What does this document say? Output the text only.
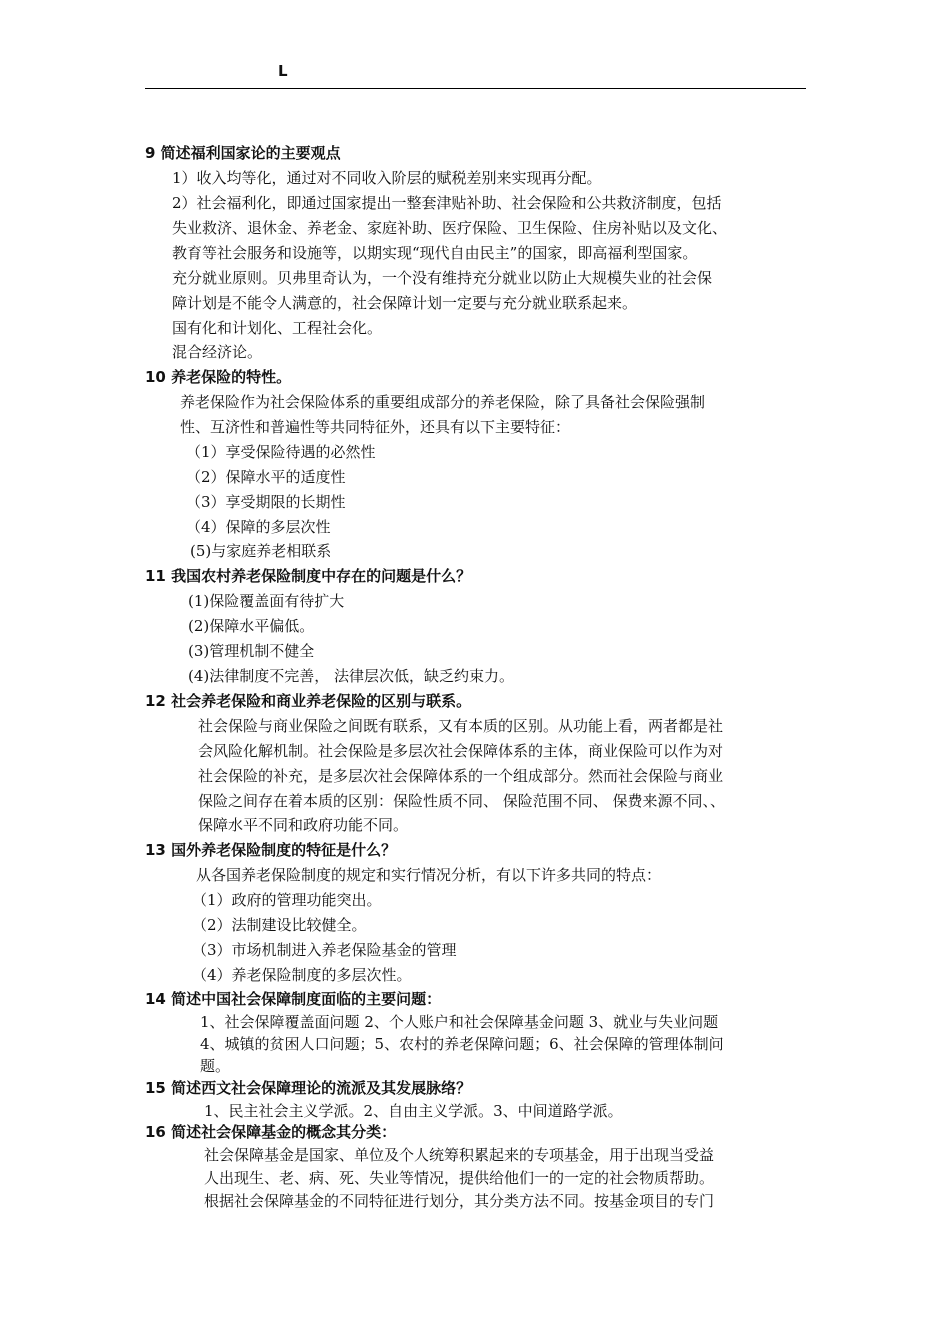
L
9 简述福利国家论的主要观点
1）收入均等化，通过对不同收入阶层的赋税差别来实现再分配。
2）社会福利化，即通过国家提出一整套津贴补助、社会保险和公共救济制度，包括
失业救济、退休金、养老金、家庭补助、医疗保险、卫生保险、住房补贴以及文化、
教育等社会服务和设施等，以期实现“现代自由民主”的国家，即高福利型国家。
充分就业原则。贝弗里奇认为，一个没有维持充分就业以防止大规模失业的社会保
障计划是不能令人满意的，社会保障计划一定要与充分就业联系起来。
国有化和计划化、工程社会化。
混合经济论。
10 养老保险的特性。
养老保险作为社会保险体系的重要组成部分的养老保险，除了具备社会保险强制
性、互济性和普遍性等共同特征外，还具有以下主要特征：
（1）享受保险待遇的必然性
（2）保障水平的适度性
（3）享受期限的长期性
（4）保障的多层次性
(5)与家庭养老相联系
11 我国农村养老保险制度中存在的问题是什么？
(1)保险覆盖面有待扩大
(2)保障水平偏低。
(3)管理机制不健全
(4)法律制度不完善， 法律层次低，缺乏约束力。
12 社会养老保险和商业养老保险的区别与联系。
社会保险与商业保险之间既有联系，又有本质的区别。从功能上看，两者都是社
会风险化解机制。社会保险是多层次社会保障体系的主体，商业保险可以作为对
社会保险的补充，是多层次社会保障体系的一个组成部分。然而社会保险与商业
保险之间存在着本质的区别：保险性质不同、 保险范围不同、 保费来源不同、、
保障水平不同和政府功能不同。
13 国外养老保险制度的特征是什么？
从各国养老保险制度的规定和实行情况分析，有以下许多共同的特点：
（1）政府的管理功能突出。
（2）法制建设比较健全。
（3）市场机制进入养老保险基金的管理
（4）养老保险制度的多层次性。
14 简述中国社会保障制度面临的主要问题：
1、社会保障覆盖面问题 2、个人账户和社会保障基金问题 3、就业与失业问题
4、城镇的贫困人口问题；5、农村的养老保障问题；6、社会保障的管理体制问
题。
15 简述西文社会保障理论的流派及其发展脉络？
1、民主社会主义学派。2、自由主义学派。3、中间道路学派。
16 简述社会保障基金的概念其分类：
社会保障基金是国家、单位及个人统筹积累起来的专项基金，用于出现当受益
人出现生、老、病、死、失业等情况，提供给他们一的一定的社会物质帮助。
根据社会保障基金的不同特征进行划分，其分类方法不同。按基金项目的专门
